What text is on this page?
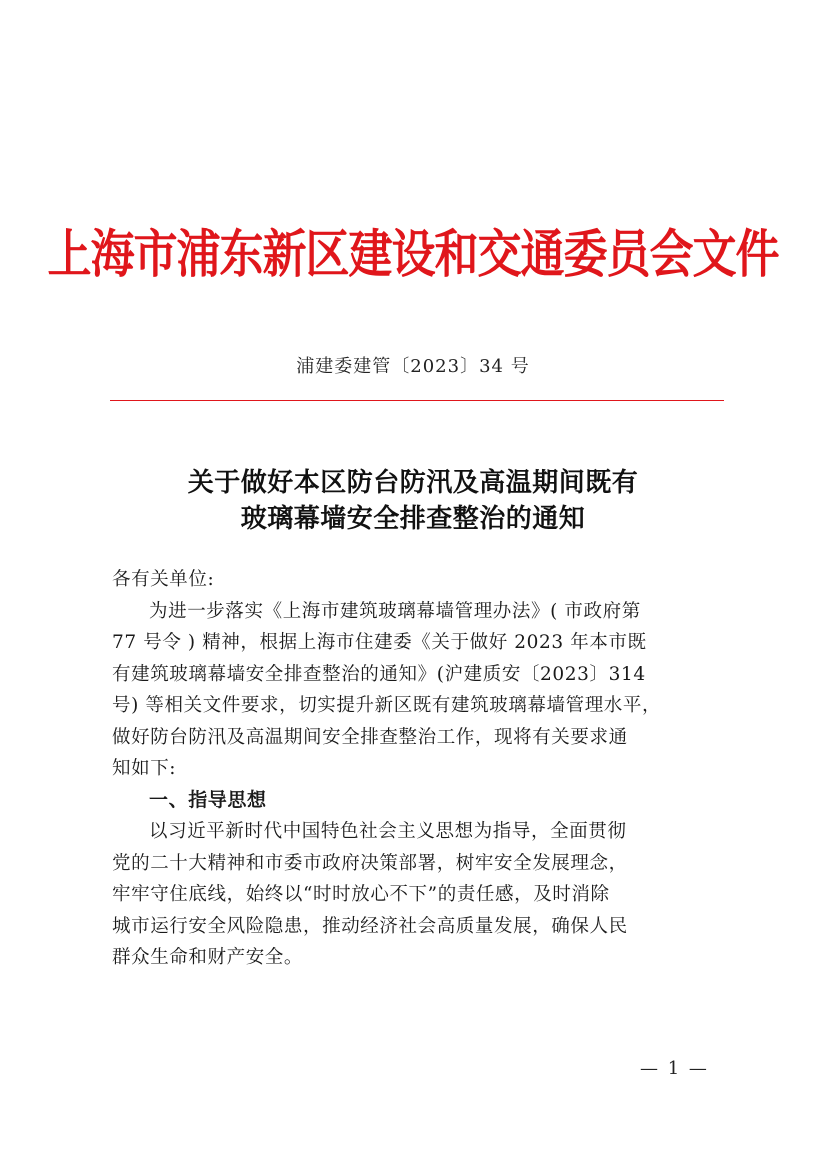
上海市浦东新区建设和交通委员会文件
浦建委建管〔2023〕34 号
关于做好本区防台防汛及高温期间既有
玻璃幕墙安全排查整治的通知
各有关单位:
为进一步落实《上海市建筑玻璃幕墙管理办法》( 市政府第
77 号令 ) 精神，根据上海市住建委《关于做好 2023 年本市既
有建筑玻璃幕墙安全排查整治的通知》(沪建质安〔2023〕314
号) 等相关文件要求，切实提升新区既有建筑玻璃幕墙管理水平，
做好防台防汛及高温期间安全排查整治工作，现将有关要求通
知如下:
一、指导思想
以习近平新时代中国特色社会主义思想为指导，全面贯彻
党的二十大精神和市委市政府决策部署，树牢安全发展理念，
牢牢守住底线，始终以“时时放心不下”的责任感，及时消除
城市运行安全风险隐患，推动经济社会高质量发展，确保人民
群众生命和财产安全。
— 1 —
